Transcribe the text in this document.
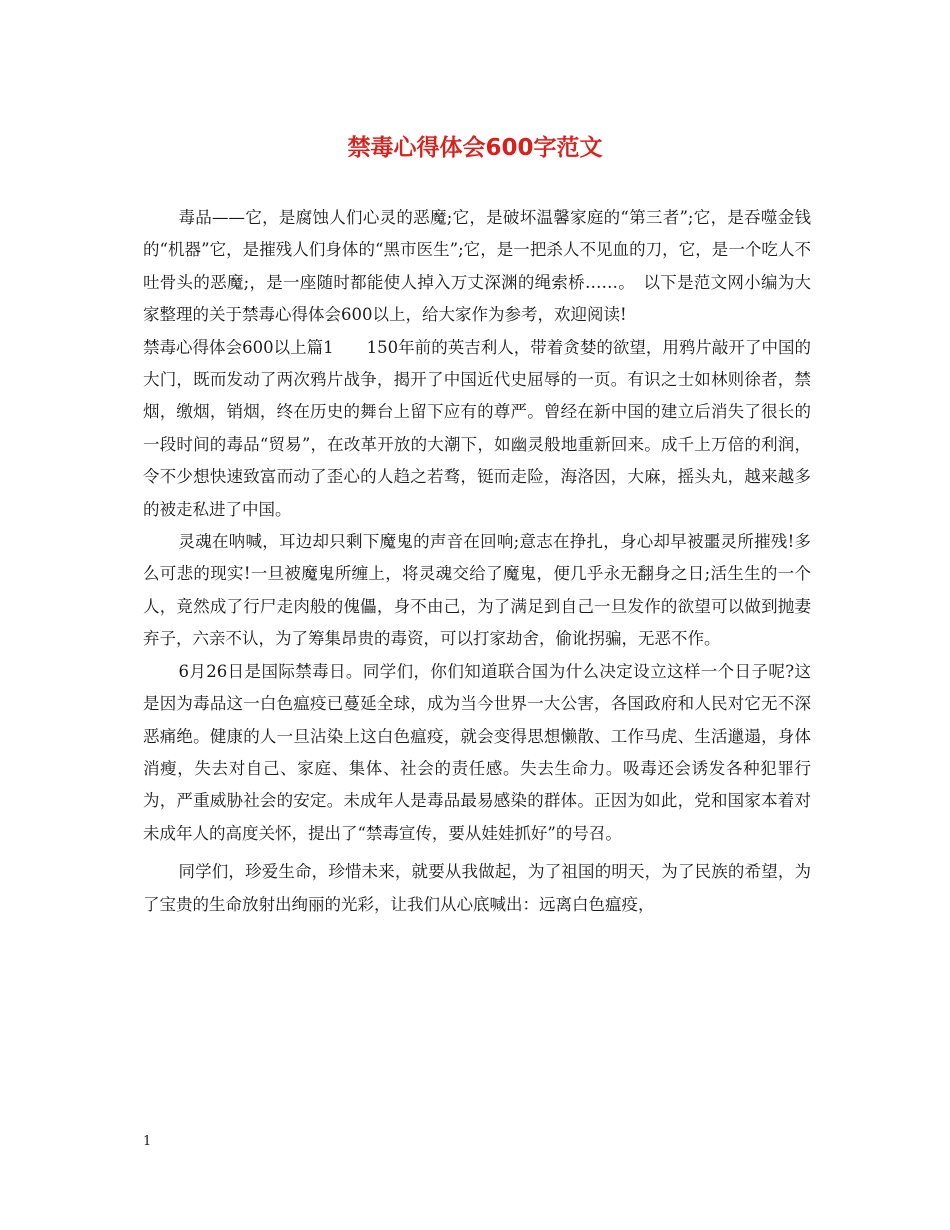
禁毒心得体会600字范文

毒品——它，是腐蚀人们心灵的恶魔;它，是破坏温馨家庭的“第三者”;它，是吞噬金钱的“机器”它，是摧残人们身体的“黑市医生”;它，是一把杀人不见血的刀，它，是一个吃人不吐骨头的恶魔;，是一座随时都能使人掉入万丈深渊的绳索桥……。　以下是范文网小编为大家整理的关于禁毒心得体会600以上，给大家作为参考，欢迎阅读!

禁毒心得体会600以上篇1　　150年前的英吉利人，带着贪婪的欲望，用鸦片敲开了中国的大门，既而发动了两次鸦片战争，揭开了中国近代史屈辱的一页。有识之士如林则徐者，禁烟，缴烟，销烟，终在历史的舞台上留下应有的尊严。曾经在新中国的建立后消失了很长的一段时间的毒品“贸易”，在改革开放的大潮下，如幽灵般地重新回来。成千上万倍的利润，令不少想快速致富而动了歪心的人趋之若骛，铤而走险，海洛因，大麻，摇头丸，越来越多的被走私进了中国。

灵魂在呐喊，耳边却只剩下魔鬼的声音在回响;意志在挣扎，身心却早被噩灵所摧残!多么可悲的现实!一旦被魔鬼所缠上，将灵魂交给了魔鬼，便几乎永无翻身之日;活生生的一个人，竟然成了行尸走肉般的傀儡，身不由己，为了满足到自己一旦发作的欲望可以做到抛妻弃子，六亲不认，为了筹集昂贵的毒资，可以打家劫舍，偷讹拐骗，无恶不作。

6月26日是国际禁毒日。同学们，你们知道联合国为什么决定设立这样一个日子呢?这是因为毒品这一白色瘟疫已蔓延全球，成为当今世界一大公害，各国政府和人民对它无不深恶痛绝。健康的人一旦沾染上这白色瘟疫，就会变得思想懒散、工作马虎、生活邋遢，身体消瘦，失去对自己、家庭、集体、社会的责任感。失去生命力。吸毒还会诱发各种犯罪行为，严重威胁社会的安定。未成年人是毒品最易感染的群体。正因为如此，党和国家本着对未成年人的高度关怀，提出了“禁毒宣传，要从娃娃抓好”的号召。

同学们，珍爱生命，珍惜未来，就要从我做起，为了祖国的明天，为了民族的希望，为了宝贵的生命放射出绚丽的光彩，让我们从心底喊出：远离白色瘟疫，

1
